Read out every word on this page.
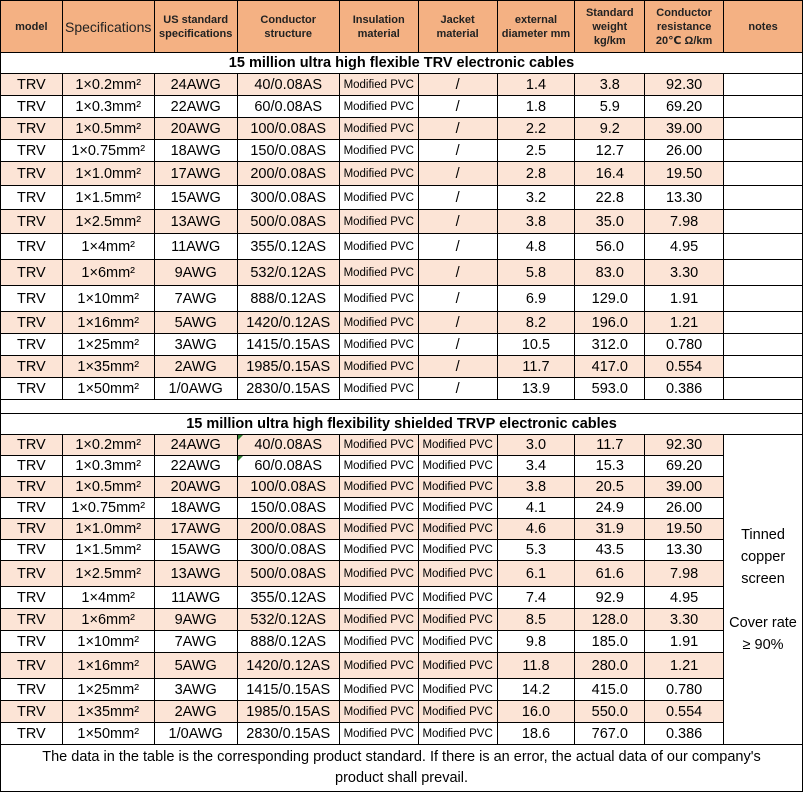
model	Specifications	US standard specifications	Conductor structure	Insulation material	Jacket material	external diameter mm	Standard weight kg/km	Conductor resistance 20℃ Ω/km	notes
15 million ultra high flexible TRV electronic cables									
TRV	1×0.2mm²	24AWG	40/0.08AS	Modified PVC	/	1.4	3.8	92.30	
TRV	1×0.3mm²	22AWG	60/0.08AS	Modified PVC	/	1.8	5.9	69.20	
TRV	1×0.5mm²	20AWG	100/0.08AS	Modified PVC	/	2.2	9.2	39.00	
TRV	1×0.75mm²	18AWG	150/0.08AS	Modified PVC	/	2.5	12.7	26.00	
TRV	1×1.0mm²	17AWG	200/0.08AS	Modified PVC	/	2.8	16.4	19.50	
TRV	1×1.5mm²	15AWG	300/0.08AS	Modified PVC	/	3.2	22.8	13.30	
TRV	1×2.5mm²	13AWG	500/0.08AS	Modified PVC	/	3.8	35.0	7.98	
TRV	1×4mm²	11AWG	355/0.12AS	Modified PVC	/	4.8	56.0	4.95	
TRV	1×6mm²	9AWG	532/0.12AS	Modified PVC	/	5.8	83.0	3.30	
TRV	1×10mm²	7AWG	888/0.12AS	Modified PVC	/	6.9	129.0	1.91	
TRV	1×16mm²	5AWG	1420/0.12AS	Modified PVC	/	8.2	196.0	1.21	
TRV	1×25mm²	3AWG	1415/0.15AS	Modified PVC	/	10.5	312.0	0.780	
TRV	1×35mm²	2AWG	1985/0.15AS	Modified PVC	/	11.7	417.0	0.554	
TRV	1×50mm²	1/0AWG	2830/0.15AS	Modified PVC	/	13.9	593.0	0.386	

15 million ultra high flexibility shielded TRVP electronic cables									
TRV	1×0.2mm²	24AWG	40/0.08AS	Modified PVC	Modified PVC	3.0	11.7	92.30	Tinned copper screen

Cover rate ≥ 90%
TRV	1×0.3mm²	22AWG	60/0.08AS	Modified PVC	Modified PVC	3.4	15.3	69.20	
TRV	1×0.5mm²	20AWG	100/0.08AS	Modified PVC	Modified PVC	3.8	20.5	39.00	
TRV	1×0.75mm²	18AWG	150/0.08AS	Modified PVC	Modified PVC	4.1	24.9	26.00	
TRV	1×1.0mm²	17AWG	200/0.08AS	Modified PVC	Modified PVC	4.6	31.9	19.50	
TRV	1×1.5mm²	15AWG	300/0.08AS	Modified PVC	Modified PVC	5.3	43.5	13.30	
TRV	1×2.5mm²	13AWG	500/0.08AS	Modified PVC	Modified PVC	6.1	61.6	7.98	
TRV	1×4mm²	11AWG	355/0.12AS	Modified PVC	Modified PVC	7.4	92.9	4.95	
TRV	1×6mm²	9AWG	532/0.12AS	Modified PVC	Modified PVC	8.5	128.0	3.30	
TRV	1×10mm²	7AWG	888/0.12AS	Modified PVC	Modified PVC	9.8	185.0	1.91	
TRV	1×16mm²	5AWG	1420/0.12AS	Modified PVC	Modified PVC	11.8	280.0	1.21	
TRV	1×25mm²	3AWG	1415/0.15AS	Modified PVC	Modified PVC	14.2	415.0	0.780	
TRV	1×35mm²	2AWG	1985/0.15AS	Modified PVC	Modified PVC	16.0	550.0	0.554	
TRV	1×50mm²	1/0AWG	2830/0.15AS	Modified PVC	Modified PVC	18.6	767.0	0.386	
The data in the table is the corresponding product standard. If there is an error, the actual data of our company's product shall prevail.									
